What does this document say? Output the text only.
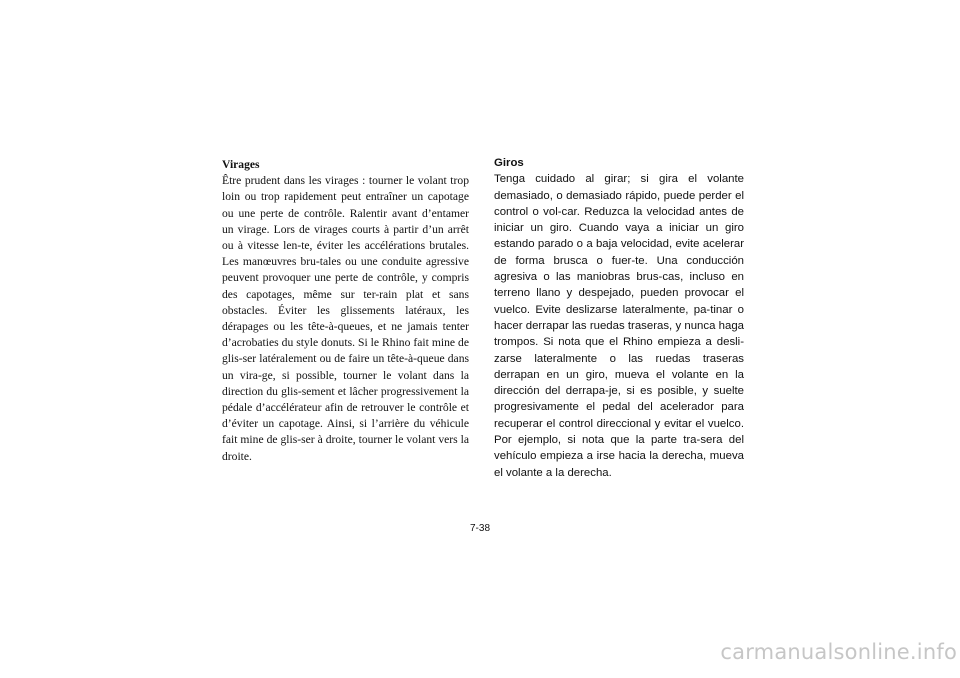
Virages
Être prudent dans les virages : tourner le volant trop loin ou trop rapidement peut entraîner un capotage ou une perte de contrôle. Ralentir avant d’entamer un virage. Lors de virages courts à partir d’un arrêt ou à vitesse len-te, éviter les accélérations brutales. Les manœuvres bru-tales ou une conduite agressive peuvent provoquer une perte de contrôle, y compris des capotages, même sur ter-rain plat et sans obstacles. Éviter les glissements latéraux, les dérapages ou les tête-à-queues, et ne jamais tenter d’acrobaties du style donuts. Si le Rhino fait mine de glis-ser latéralement ou de faire un tête-à-queue dans un vira-ge, si possible, tourner le volant dans la direction du glis-sement et lâcher progressivement la pédale d’accélérateur afin de retrouver le contrôle et d’éviter un capotage. Ainsi, si l’arrière du véhicule fait mine de glis-ser à droite, tourner le volant vers la droite.
Giros
Tenga cuidado al girar; si gira el volante demasiado, o demasiado rápido, puede perder el control o vol-car. Reduzca la velocidad antes de iniciar un giro. Cuando vaya a iniciar un giro estando parado o a baja velocidad, evite acelerar de forma brusca o fuer-te. Una conducción agresiva o las maniobras brus-cas, incluso en terreno llano y despejado, pueden provocar el vuelco. Evite deslizarse lateralmente, pa-tinar o hacer derrapar las ruedas traseras, y nunca haga trompos. Si nota que el Rhino empieza a desli-zarse lateralmente o las ruedas traseras derrapan en un giro, mueva el volante en la dirección del derrapa-je, si es posible, y suelte progresivamente el pedal del acelerador para recuperar el control direccional y evitar el vuelco. Por ejemplo, si nota que la parte tra-sera del vehículo empieza a irse hacia la derecha, mueva el volante a la derecha.
7-38
carmanualsonline.info
